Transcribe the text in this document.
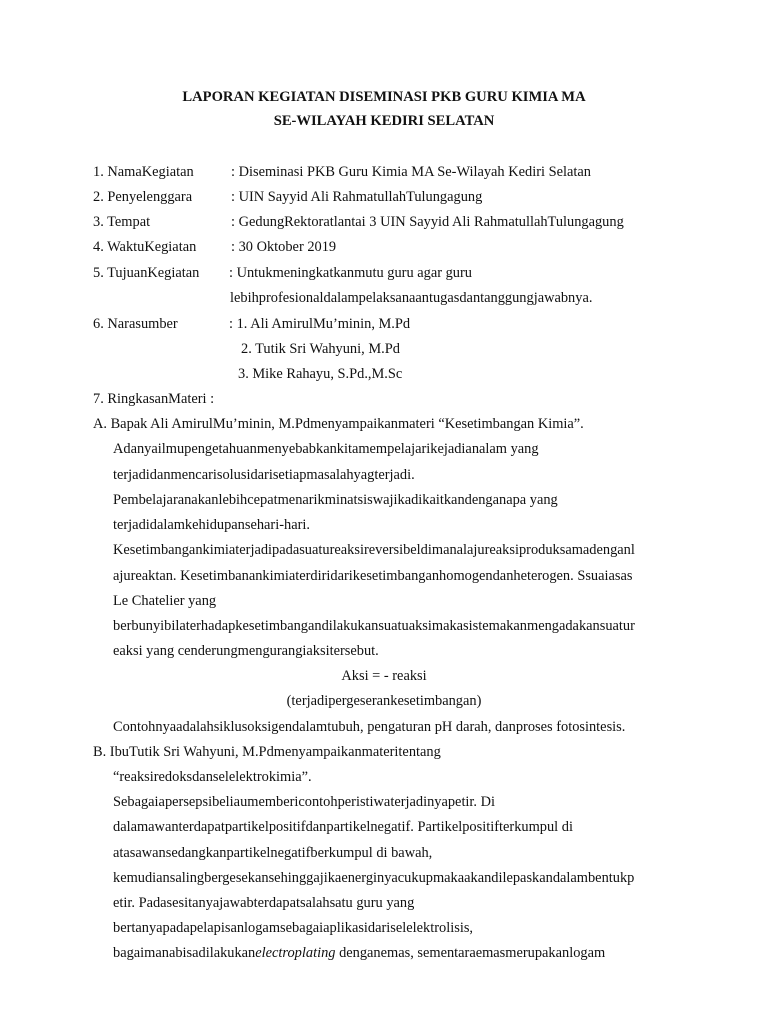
LAPORAN KEGIATAN DISEMINASI PKB GURU KIMIA MA
SE-WILAYAH KEDIRI SELATAN
1. NamaKegiatan	: Diseminasi PKB Guru Kimia MA Se-Wilayah Kediri Selatan
2. Penyelenggara	: UIN Sayyid Ali RahmatullahTulungagung
3. Tempat	: GedungRektoratlantai 3 UIN Sayyid Ali RahmatullahTulungagung
4. WaktuKegiatan : 30 Oktober 2019
5. TujuanKegiatan : Untukmeningkatkanmutu guru agar guru
lebihprofesionaldalampelaksanaantugasdantanggungjawabnya.
6. Narasumber	: 1. Ali AmirulMu’minin, M.Pd
2. Tutik Sri Wahyuni, M.Pd
3. Mike Rahayu, S.Pd.,M.Sc
7. RingkasanMateri :
A. Bapak Ali AmirulMu’minin, M.Pdmenyampaikanmateri “Kesetimbangan Kimia”.
Adanyailmupengetahuanmenyebabkankitamempelajarikejadianalam yang
terjadidanmencarisolusidarisetiapmasalahyagterjadi.
Pembelajaranakanlebihcepatmenarikminatsiswajikadikaitkandenganapa yang
terjadidalamkehidupansehari-hari.
Kesetimbangankimiaterjadipadasuatureaksireversibeldimanalajureaksiproduksamadenganl
ajureaktan. Kesetimbanankimiaterdiridarikesetimbanganhomogendanheterogen. Ssuaiasas
Le Chatelier yang
berbunyibilaterhadapkesetimbangandilakukansuatuaksimakasistemakanmengadakansuatur
eaksi yang cenderungmengurangiaksitersebut.
Aksi = - reaksi
(terjadipergeserankesetimbangan)
Contohnyaadalahsiklusoksigendalamtubuh, pengaturan pH darah, danproses fotosintesis.
B. IbuTutik Sri Wahyuni, M.Pdmenyampaikanmateritentang
“reaksiredoksdanselelektrokimia”.
Sebagaiapersepsibeliaumembericontohperistiwaterjadinyapetir. Di
dalamawanterdapatpartikelpositifdanpartikelnegatif. Partikelpositifterkumpul di
atasawansedangkanpartikelnegatifberkumpul di bawah,
kemudiansalingbergesekansehinggajikaenerginyacukupmakaakandilepaskandalambentukp
etir. Padasesitanyajawabterdapatsalahsatu guru yang
bertanyapadapelapisanlogamsebagaiaplikasidariselelektrolisis,
bagaimanabisadilakukanelectroplating denganemas, sementaraemasmerupakanlogam
